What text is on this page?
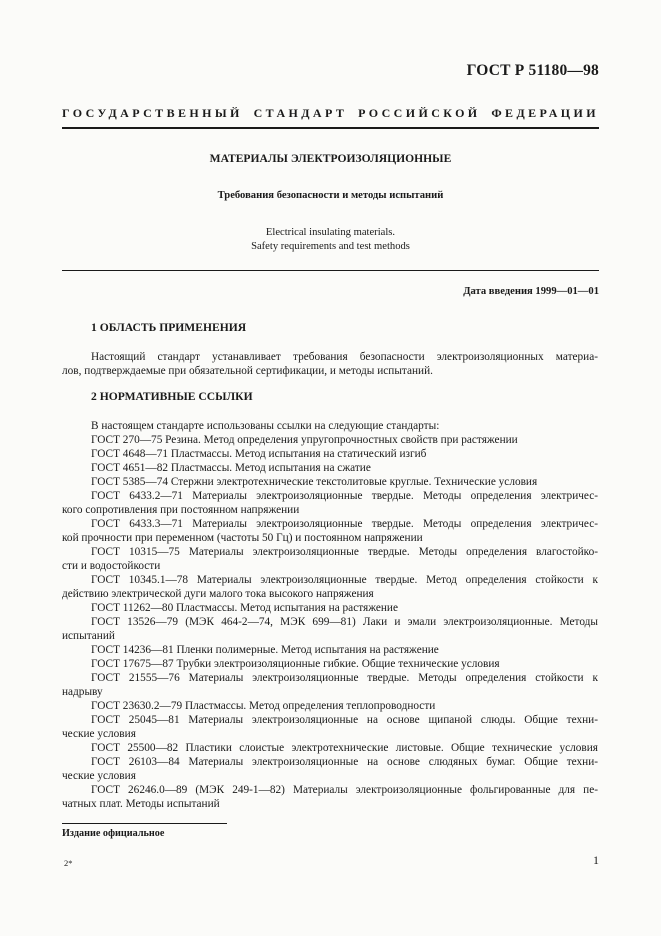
ГОСТ Р 51180—98
ГОСУДАРСТВЕННЫЙ СТАНДАРТ РОССИЙСКОЙ ФЕДЕРАЦИИ
МАТЕРИАЛЫ ЭЛЕКТРОИЗОЛЯЦИОННЫЕ
Требования безопасности и методы испытаний
Electrical insulating materials.
Safety requirements and test methods
Дата введения 1999—01—01
1 ОБЛАСТЬ ПРИМЕНЕНИЯ
Настоящий стандарт устанавливает требования безопасности электроизоляционных материа-
лов, подтверждаемые при обязательной сертификации, и методы испытаний.
2 НОРМАТИВНЫЕ ССЫЛКИ
В настоящем стандарте использованы ссылки на следующие стандарты:
ГОСТ 270—75 Резина. Метод определения упругопрочностных свойств при растяжении
ГОСТ 4648—71 Пластмассы. Метод испытания на статический изгиб
ГОСТ 4651—82 Пластмассы. Метод испытания на сжатие
ГОСТ 5385—74 Стержни электротехнические текстолитовые круглые. Технические условия
ГОСТ 6433.2—71 Материалы электроизоляционные твердые. Методы определения электричес-
кого сопротивления при постоянном напряжении
ГОСТ 6433.3—71 Материалы электроизоляционные твердые. Методы определения электричес-
кой прочности при переменном (частоты 50 Гц) и постоянном напряжении
ГОСТ 10315—75 Материалы электроизоляционные твердые. Методы определения влагостойко-
сти и водостойкости
ГОСТ 10345.1—78 Материалы электроизоляционные твердые. Метод определения стойкости к
действию электрической дуги малого тока высокого напряжения
ГОСТ 11262—80 Пластмассы. Метод испытания на растяжение
ГОСТ 13526—79 (МЭК 464-2—74, МЭК 699—81) Лаки и эмали электроизоляционные. Методы
испытаний
ГОСТ 14236—81 Пленки полимерные. Метод испытания на растяжение
ГОСТ 17675—87 Трубки электроизоляционные гибкие. Общие технические условия
ГОСТ 21555—76 Материалы электроизоляционные твердые. Методы определения стойкости к
надрыву
ГОСТ 23630.2—79 Пластмассы. Метод определения теплопроводности
ГОСТ 25045—81 Материалы электроизоляционные на основе щипаной слюды. Общие техни-
ческие условия
ГОСТ 25500—82 Пластики слоистые электротехнические листовые. Общие технические условия
ГОСТ 26103—84 Материалы электроизоляционные на основе слюдяных бумаг. Общие техни-
ческие условия
ГОСТ 26246.0—89 (МЭК 249-1—82) Материалы электроизоляционные фольгированные для пе-
чатных плат. Методы испытаний
Издание официальное
2*	1
